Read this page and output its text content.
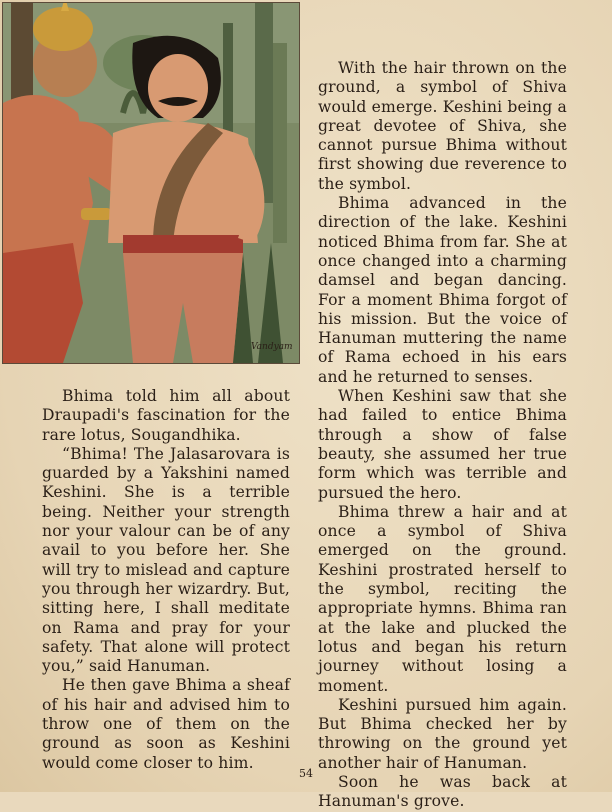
Vandyam

Bhima told him all about Draupadi's fascination for the rare lotus, Sougandhika.

“Bhima! The Jalasarovara is guarded by a Yakshini named Keshini. She is a terrible being. Neither your strength nor your valour can be of any avail to you before her. She will try to mislead and capture you through her wizardry. But, sitting here, I shall meditate on Rama and pray for your safety. That alone will protect you,” said Hanuman.

He then gave Bhima a sheaf of his hair and advised him to throw one of them on the ground as soon as Keshini would come closer to him.

With the hair thrown on the ground, a symbol of Shiva would emerge. Keshini being a great devotee of Shiva, she cannot pursue Bhima without first showing due reverence to the symbol.

Bhima advanced in the direction of the lake. Keshini noticed Bhima from far. She at once changed into a charming damsel and began dancing. For a moment Bhima forgot of his mission. But the voice of Hanuman muttering the name of Rama echoed in his ears and he returned to senses.

When Keshini saw that she had failed to entice Bhima through a show of false beauty, she assumed her true form which was terrible and pursued the hero.

Bhima threw a hair and at once a symbol of Shiva emerged on the ground. Keshini prostrated herself to the symbol, reciting the appropriate hymns. Bhima ran at the lake and plucked the lotus and began his return journey without losing a moment.

Keshini pursued him again. But Bhima checked her by throwing on the ground yet another hair of Hanuman.

Soon he was back at Hanuman's grove.

54
